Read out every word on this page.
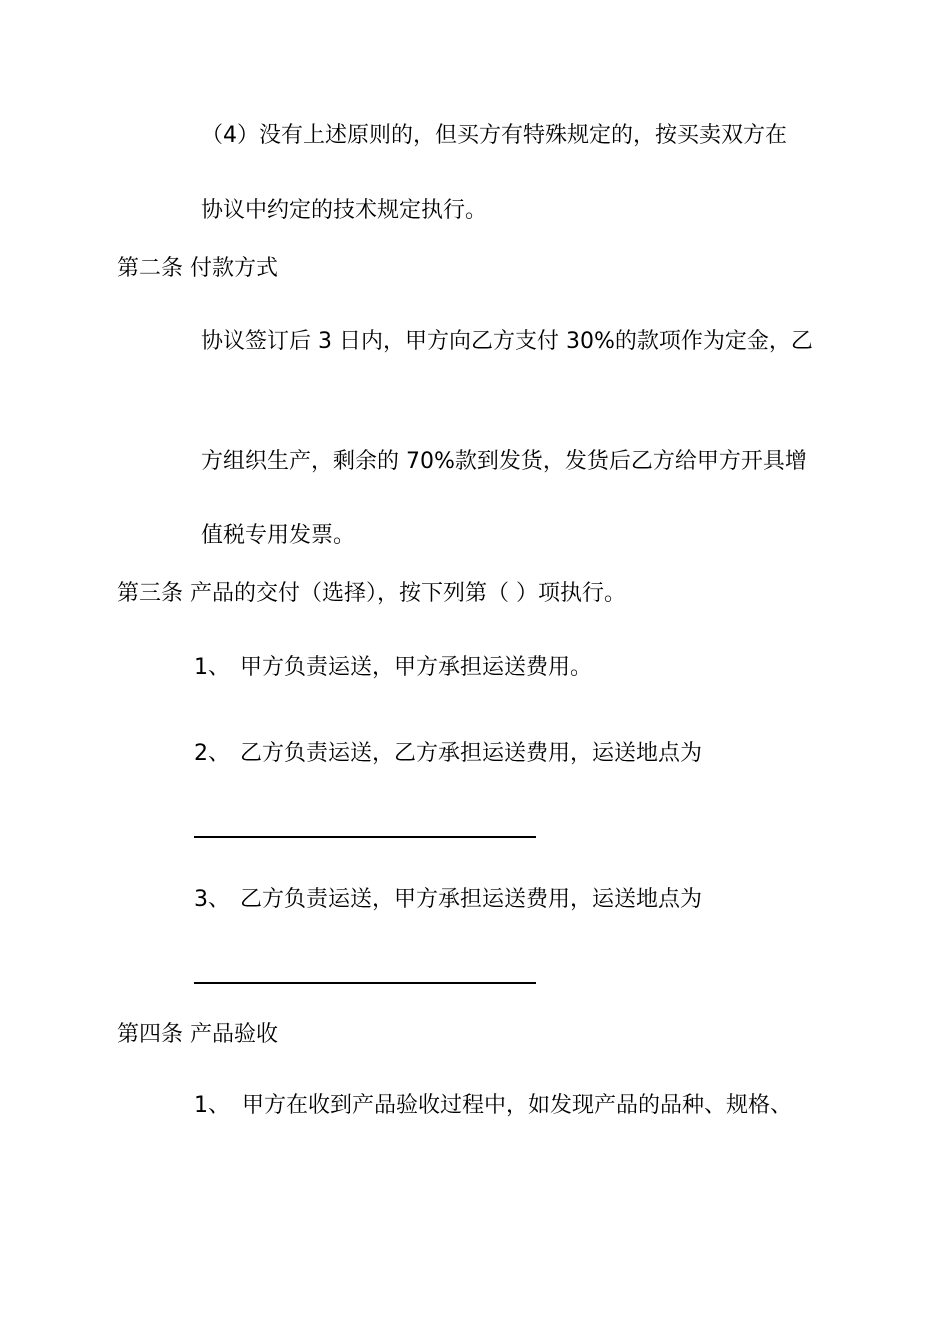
（4）没有上述原则的，但买方有特殊规定的，按买卖双方在
协议中约定的技术规定执行。
第二条 付款方式
协议签订后 3 日内，甲方向乙方支付 30%的款项作为定金，乙
方组织生产，剩余的 70%款到发货，发货后乙方给甲方开具增
值税专用发票。
第三条 产品的交付（选择），按下列第（ ）项执行。
1、 甲方负责运送，甲方承担运送费用。
2、 乙方负责运送，乙方承担运送费用，运送地点为
3、 乙方负责运送，甲方承担运送费用，运送地点为
第四条 产品验收
1、 甲方在收到产品验收过程中，如发现产品的品种、规格、
